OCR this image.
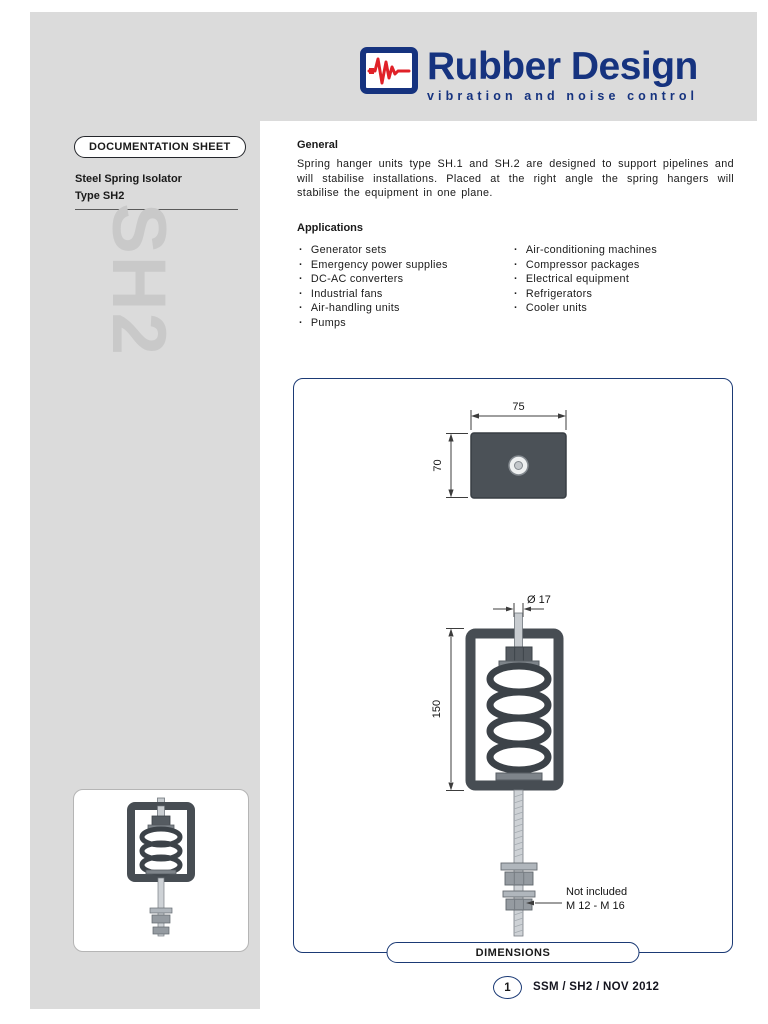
Rubber Design
vibration and noise control
DOCUMENTATION SHEET
Steel Spring Isolator
Type SH2
SH2
General
Spring hanger units type SH.1 and SH.2 are designed to support pipelines and will stabilise installations. Placed at the right angle the spring hangers will stabilise the equipment in one plane.
Applications
· Generator sets
· Emergency power supplies
· DC-AC converters
· Industrial fans
· Air-handling units
· Pumps
· Air-conditioning machines
· Compressor packages
· Electrical equipment
· Refrigerators
· Cooler units
75
70
Ø 17
150
Not included
M 12 - M 16
DIMENSIONS
1	SSM / SH2 / NOV 2012
